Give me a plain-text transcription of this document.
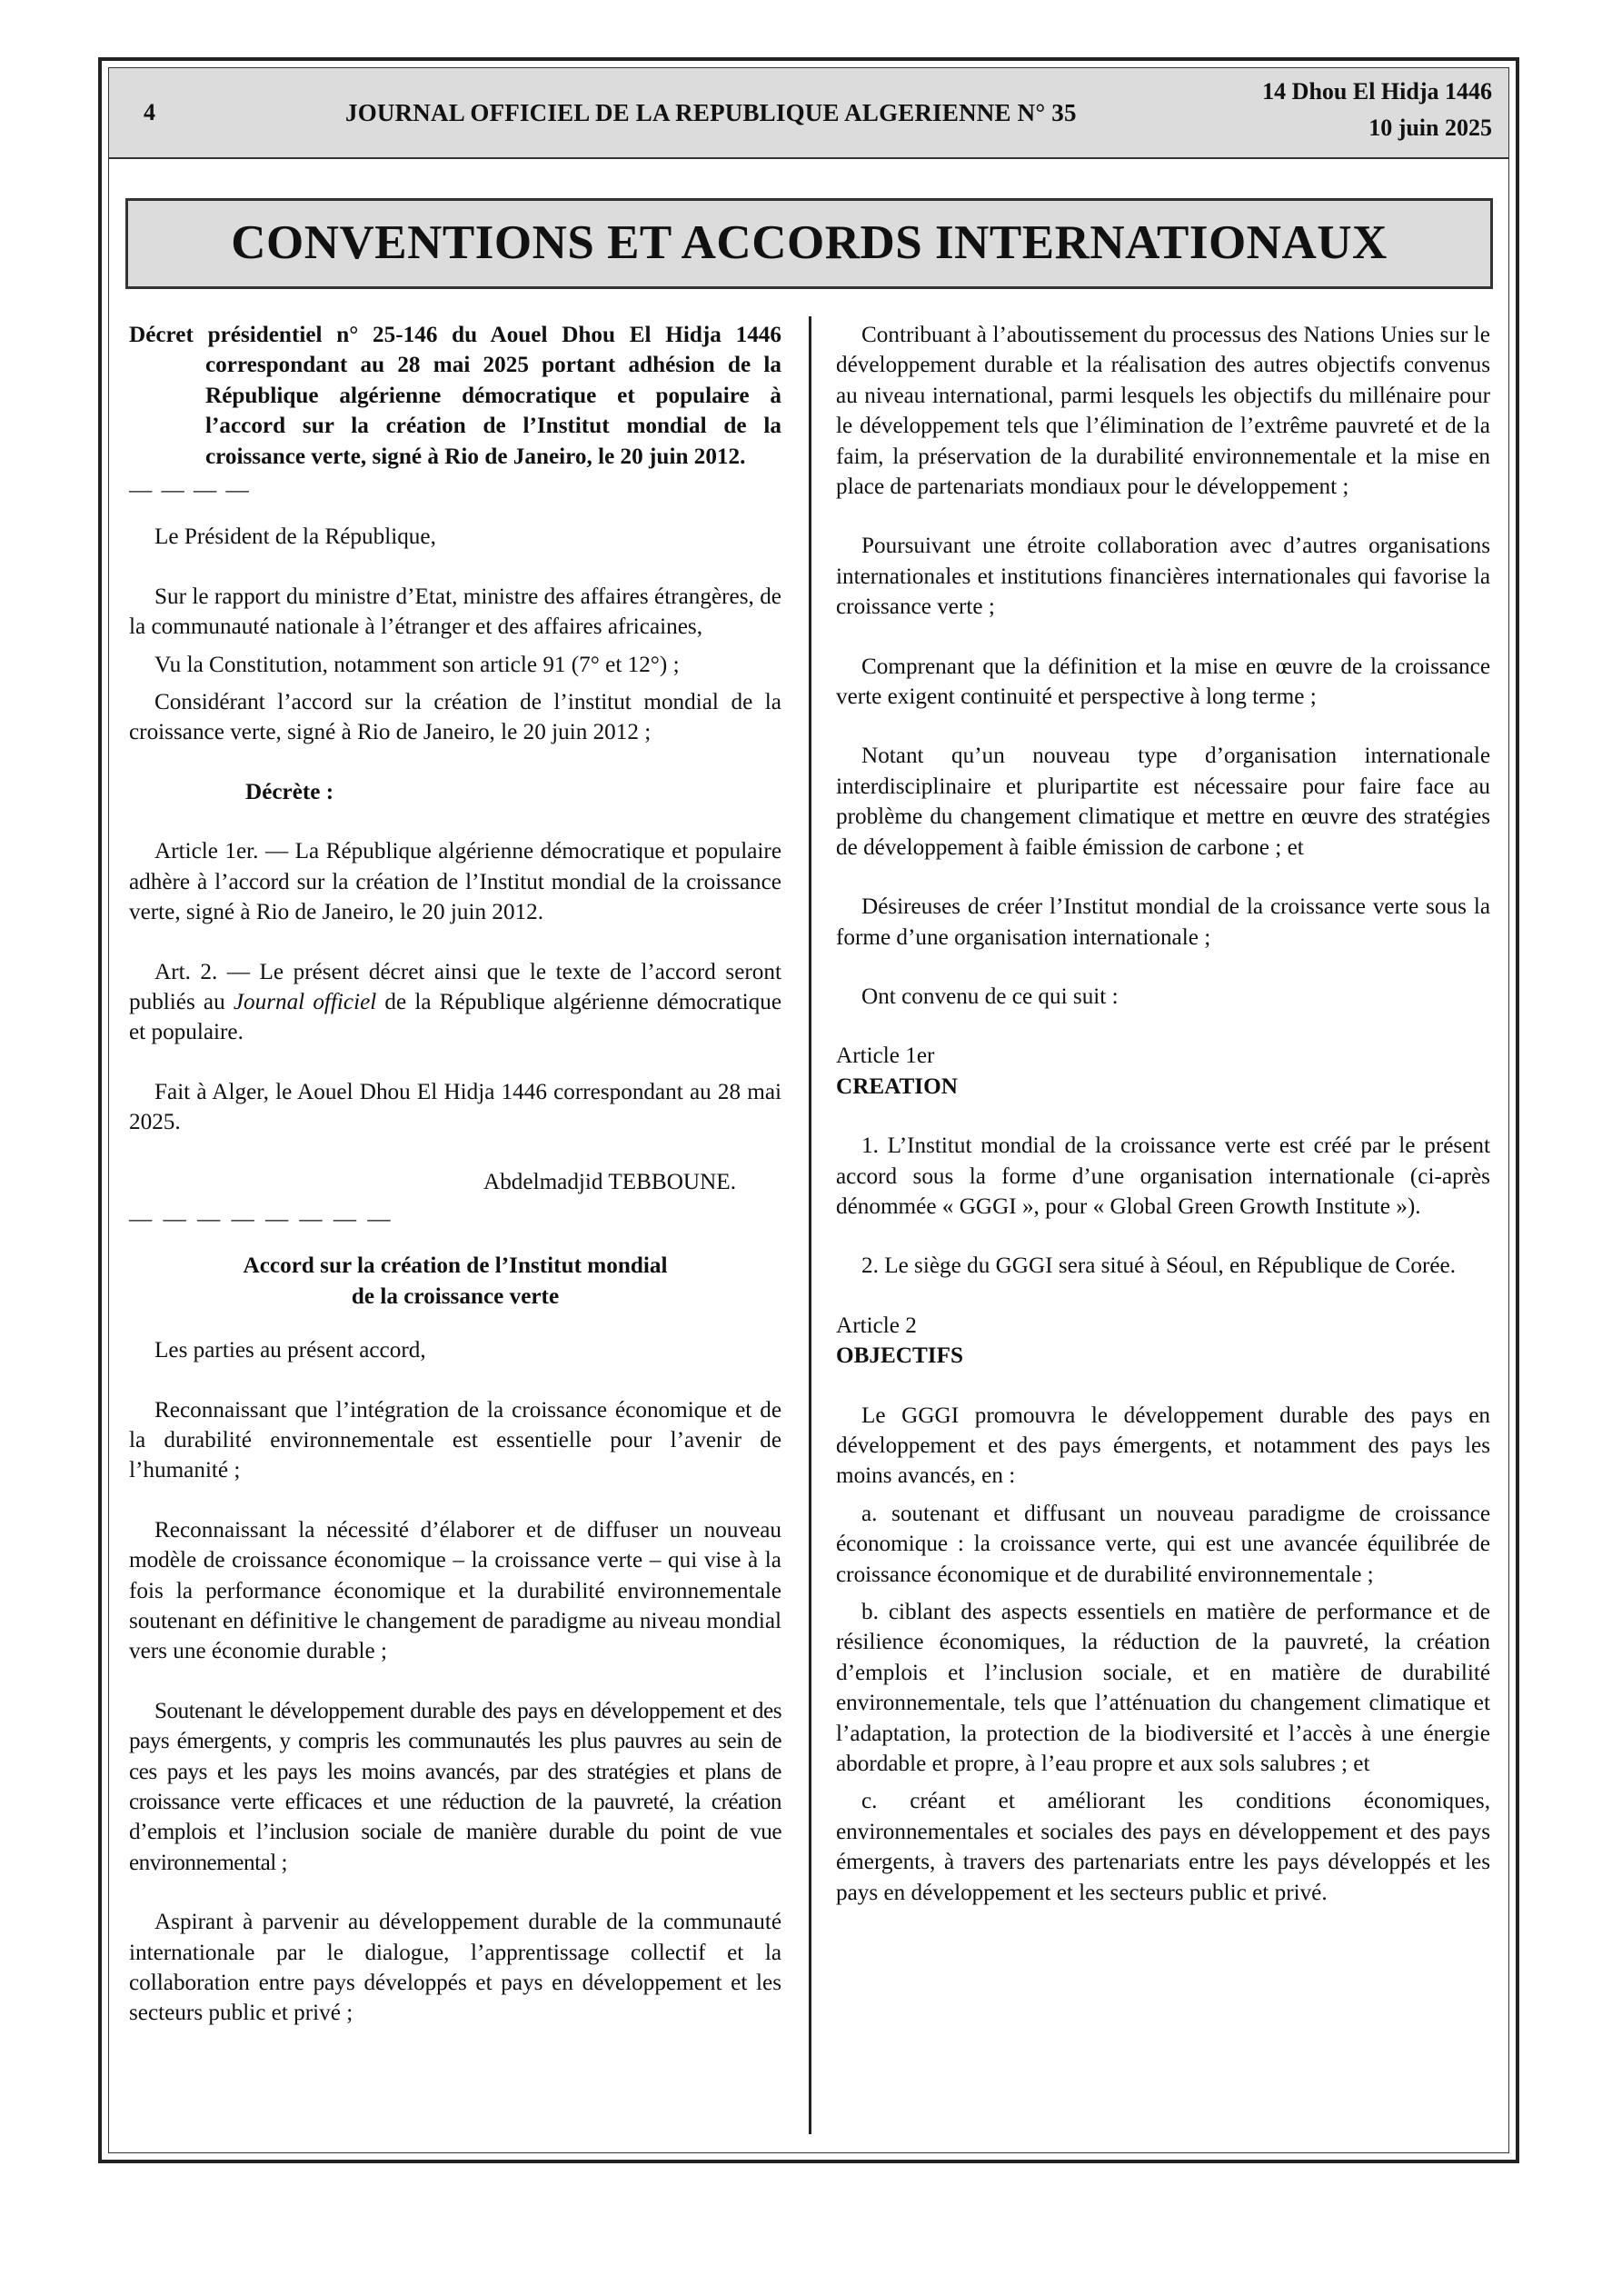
4	JOURNAL OFFICIEL DE LA REPUBLIQUE ALGERIENNE N° 35
14 Dhou El Hidja 1446
10 juin 2025
CONVENTIONS ET ACCORDS INTERNATIONAUX

Décret présidentiel n° 25-146 du Aouel Dhou El Hidja 1446 correspondant au 28 mai 2025 portant adhésion de la République algérienne démocratique et populaire à l’accord sur la création de l’Institut mondial de la croissance verte, signé à Rio de Janeiro, le 20 juin 2012.

— — — —

Le Président de la République,

Sur le rapport du ministre d’Etat, ministre des affaires étrangères, de la communauté nationale à l’étranger et des affaires africaines,

Vu la Constitution, notamment son article 91 (7° et 12°) ;

Considérant l’accord sur la création de l’institut mondial de la croissance verte, signé à Rio de Janeiro, le 20 juin 2012 ;

Décrète :

Article 1er. — La République algérienne démocratique et populaire adhère à l’accord sur la création de l’Institut mondial de la croissance verte, signé à Rio de Janeiro, le 20 juin 2012.

Art. 2. — Le présent décret ainsi que le texte de l’accord seront publiés au Journal officiel de la République algérienne démocratique et populaire.

Fait à Alger, le Aouel Dhou El Hidja 1446 correspondant au 28 mai 2025.

Abdelmadjid TEBBOUNE.

— — — — — — — —

Accord sur la création de l’Institut mondial
de la croissance verte

Les parties au présent accord,

Reconnaissant que l’intégration de la croissance économique et de la durabilité environnementale est essentielle pour l’avenir de l’humanité ;

Reconnaissant la nécessité d’élaborer et de diffuser un nouveau modèle de croissance économique – la croissance verte – qui vise à la fois la performance économique et la durabilité environnementale soutenant en définitive le changement de paradigme au niveau mondial vers une économie durable ;

Soutenant le développement durable des pays en développement et des pays émergents, y compris les communautés les plus pauvres au sein de ces pays et les pays les moins avancés, par des stratégies et plans de croissance verte efficaces et une réduction de la pauvreté, la création d’emplois et l’inclusion sociale de manière durable du point de vue environnemental ;

Aspirant à parvenir au développement durable de la communauté internationale par le dialogue, l’apprentissage collectif et la collaboration entre pays développés et pays en développement et les secteurs public et privé ;

Contribuant à l’aboutissement du processus des Nations Unies sur le développement durable et la réalisation des autres objectifs convenus au niveau international, parmi lesquels les objectifs du millénaire pour le développement tels que l’élimination de l’extrême pauvreté et de la faim, la préservation de la durabilité environnementale et la mise en place de partenariats mondiaux pour le développement ;

Poursuivant une étroite collaboration avec d’autres organisations internationales et institutions financières internationales qui favorise la croissance verte ;

Comprenant que la définition et la mise en œuvre de la croissance verte exigent continuité et perspective à long terme ;

Notant qu’un nouveau type d’organisation internationale interdisciplinaire et pluripartite est nécessaire pour faire face au problème du changement climatique et mettre en œuvre des stratégies de développement à faible émission de carbone ; et

Désireuses de créer l’Institut mondial de la croissance verte sous la forme d’une organisation internationale ;

Ont convenu de ce qui suit :

Article 1er

CREATION

1. L’Institut mondial de la croissance verte est créé par le présent accord sous la forme d’une organisation internationale (ci-après dénommée « GGGI », pour « Global Green Growth Institute »).

2. Le siège du GGGI sera situé à Séoul, en République de Corée.

Article 2

OBJECTIFS

Le GGGI promouvra le développement durable des pays en développement et des pays émergents, et notamment des pays les moins avancés, en :

a. soutenant et diffusant un nouveau paradigme de croissance économique : la croissance verte, qui est une avancée équilibrée de croissance économique et de durabilité environnementale ;

b. ciblant des aspects essentiels en matière de performance et de résilience économiques, la réduction de la pauvreté, la création d’emplois et l’inclusion sociale, et en matière de durabilité environnementale, tels que l’atténuation du changement climatique et l’adaptation, la protection de la biodiversité et l’accès à une énergie abordable et propre, à l’eau propre et aux sols salubres ; et

c. créant et améliorant les conditions économiques, environnementales et sociales des pays en développement et des pays émergents, à travers des partenariats entre les pays développés et les pays en développement et les secteurs public et privé.
